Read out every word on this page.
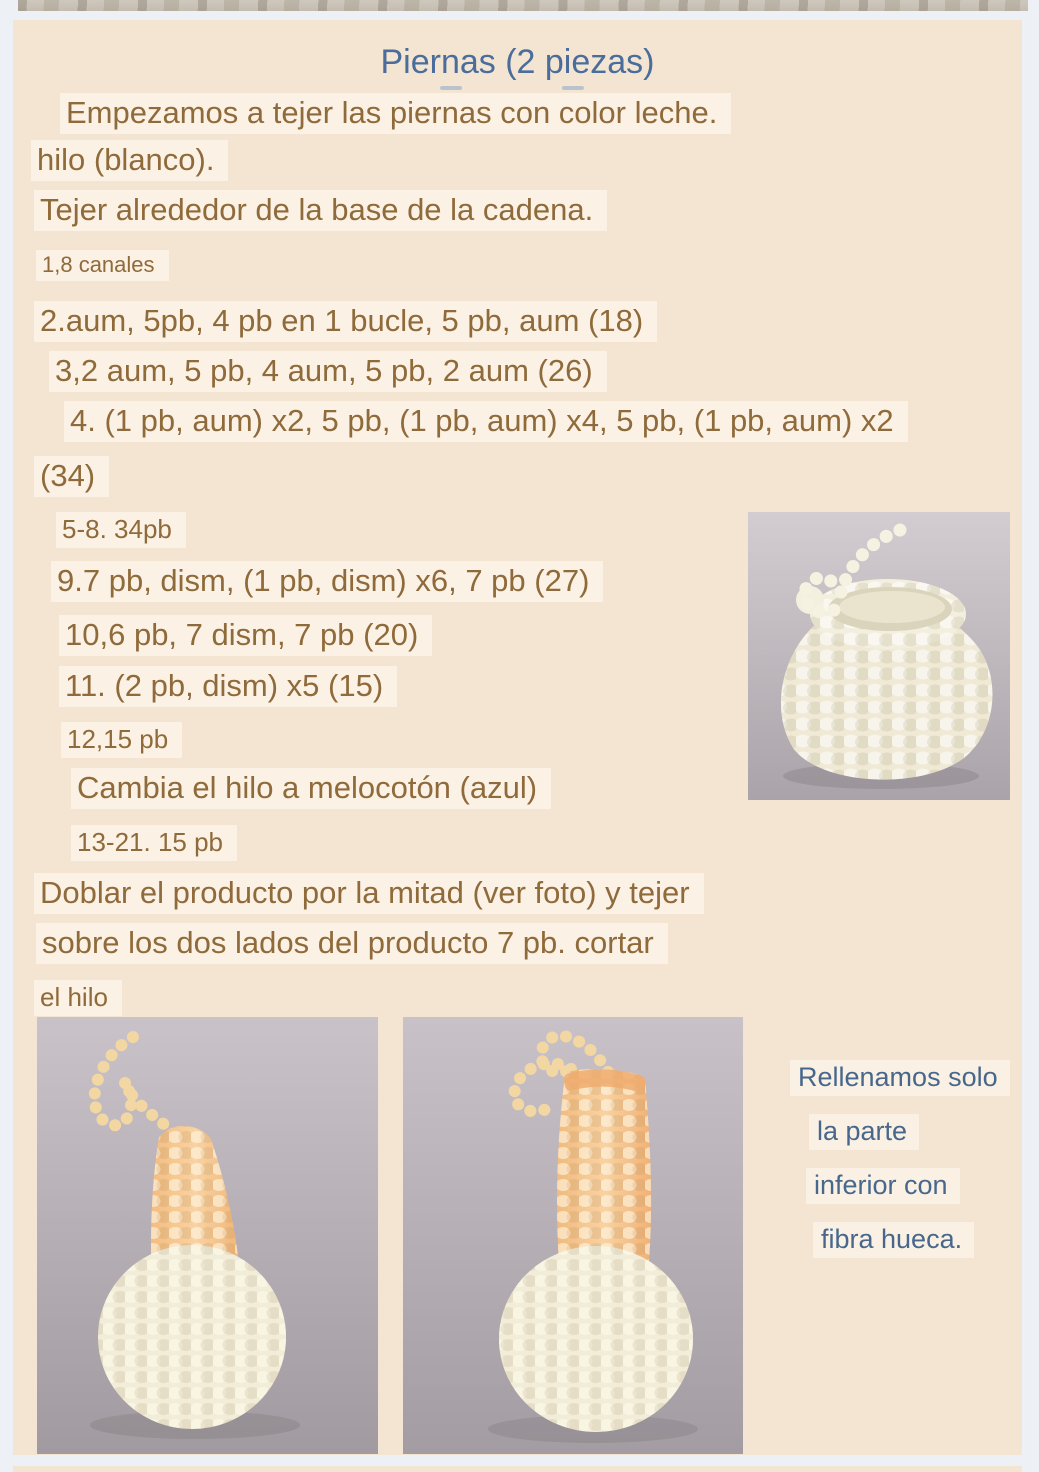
Piernas (2 piezas)
Empezamos a tejer las piernas con color leche.
hilo (blanco).
Tejer alrededor de la base de la cadena.
1,8 canales
2.aum, 5pb, 4 pb en 1 bucle, 5 pb, aum (18)
3,2 aum, 5 pb, 4 aum, 5 pb, 2 aum (26)
4. (1 pb, aum) x2, 5 pb, (1 pb, aum) x4, 5 pb, (1 pb, aum) x2
(34)
5-8. 34pb
9.7 pb, dism, (1 pb, dism) x6, 7 pb (27)
10,6 pb, 7 dism, 7 pb (20)
11. (2 pb, dism) x5 (15)
12,15 pb
Cambia el hilo a melocotón (azul)
13-21. 15 pb
Doblar el producto por la mitad (ver foto) y tejer
sobre los dos lados del producto 7 pb. cortar
el hilo
Rellenamos solo
la parte
inferior con
fibra hueca.
